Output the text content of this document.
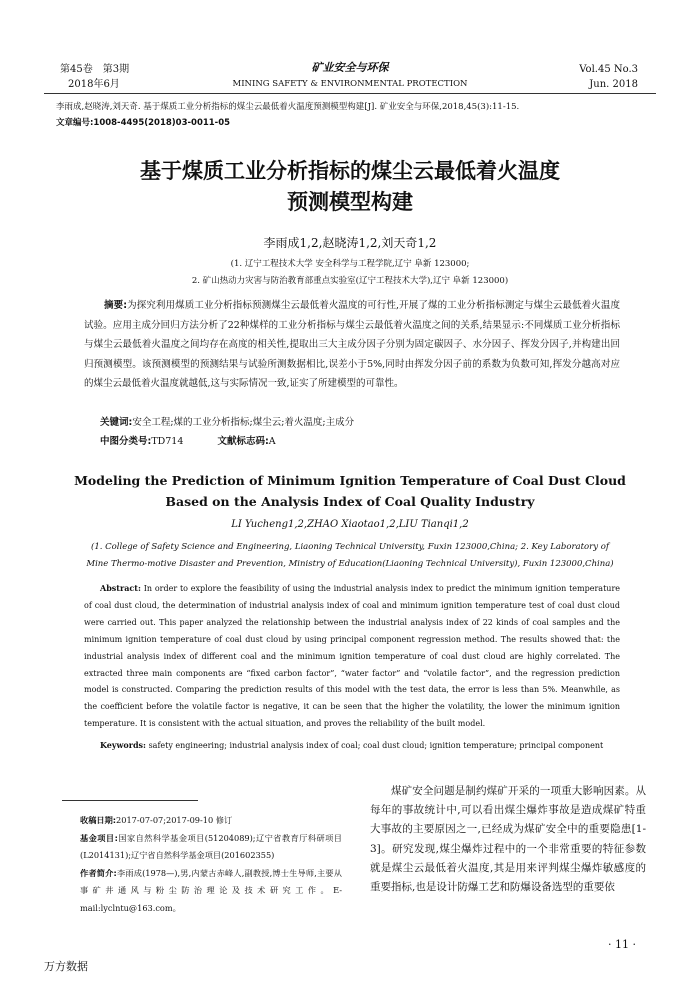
第45卷　第3期
2018年6月
矿业安全与环保
MINING SAFETY & ENVIRONMENTAL PROTECTION
Vol.45 No.3
Jun. 2018
李雨成,赵晓涛,刘天奇. 基于煤质工业分析指标的煤尘云最低着火温度预测模型构建[J]. 矿业安全与环保,2018,45(3):11-15.
文章编号:1008-4495(2018)03-0011-05
基于煤质工业分析指标的煤尘云最低着火温度
预测模型构建
李雨成1,2,赵晓涛1,2,刘天奇1,2
(1. 辽宁工程技术大学 安全科学与工程学院,辽宁 阜新 123000;
2. 矿山热动力灾害与防治教育部重点实验室(辽宁工程技术大学),辽宁 阜新 123000)
摘要:为探究利用煤质工业分析指标预测煤尘云最低着火温度的可行性,开展了煤的工业分析指标测定与煤尘云最低着火温度试验。应用主成分回归方法分析了22种煤样的工业分析指标与煤尘云最低着火温度之间的关系,结果显示:不同煤质工业分析指标与煤尘云最低着火温度之间均存在高度的相关性,提取出三大主成分因子分别为固定碳因子、水分因子、挥发分因子,并构建出回归预测模型。该预测模型的预测结果与试验所测数据相比,误差小于5%,同时由挥发分因子前的系数为负数可知,挥发分越高对应的煤尘云最低着火温度就越低,这与实际情况一致,证实了所建模型的可靠性。
关键词:安全工程;煤的工业分析指标;煤尘云;着火温度;主成分
中图分类号:TD714	文献标志码:A
Modeling the Prediction of Minimum Ignition Temperature of Coal Dust Cloud
Based on the Analysis Index of Coal Quality Industry
LI Yucheng1,2,ZHAO Xiaotao1,2,LIU Tianqi1,2
(1. College of Safety Science and Engineering, Liaoning Technical University, Fuxin 123000,China; 2. Key Laboratory of
Mine Thermo-motive Disaster and Prevention, Ministry of Education(Liaoning Technical University), Fuxin 123000,China)
Abstract: In order to explore the feasibility of using the industrial analysis index to predict the minimum ignition temperature of coal dust cloud, the determination of industrial analysis index of coal and minimum ignition temperature test of coal dust cloud were carried out. This paper analyzed the relationship between the industrial analysis index of 22 kinds of coal samples and the minimum ignition temperature of coal dust cloud by using principal component regression method. The results showed that: the industrial analysis index of different coal and the minimum ignition temperature of coal dust cloud are highly correlated. The extracted three main components are “fixed carbon factor”, “water factor” and “volatile factor”, and the regression prediction model is constructed. Comparing the prediction results of this model with the test data, the error is less than 5%. Meanwhile, as the coefficient before the volatile factor is negative, it can be seen that the higher the volatility, the lower the minimum ignition temperature. It is consistent with the actual situation, and proves the reliability of the built model.
Keywords: safety engineering; industrial analysis index of coal; coal dust cloud; ignition temperature; principal component
收稿日期:2017-07-07;2017-09-10 修订
基金项目:国家自然科学基金项目(51204089);辽宁省教育厅科研项目(L2014131);辽宁省自然科学基金项目(201602355)
作者简介:李雨成(1978—),男,内蒙古赤峰人,副教授,博士生导师,主要从事矿井通风与粉尘防治理论及技术研究工作。E-mail:lyclntu@163.com。
煤矿安全问题是制约煤矿开采的一项重大影响因素。从每年的事故统计中,可以看出煤尘爆炸事故是造成煤矿特重大事故的主要原因之一,已经成为煤矿安全中的重要隐患[1-3]。研究发现,煤尘爆炸过程中的一个非常重要的特征参数就是煤尘云最低着火温度,其是用来评判煤尘爆炸敏感度的重要指标,也是设计防爆工艺和防爆设备选型的重要依
· 11 ·
万方数据
